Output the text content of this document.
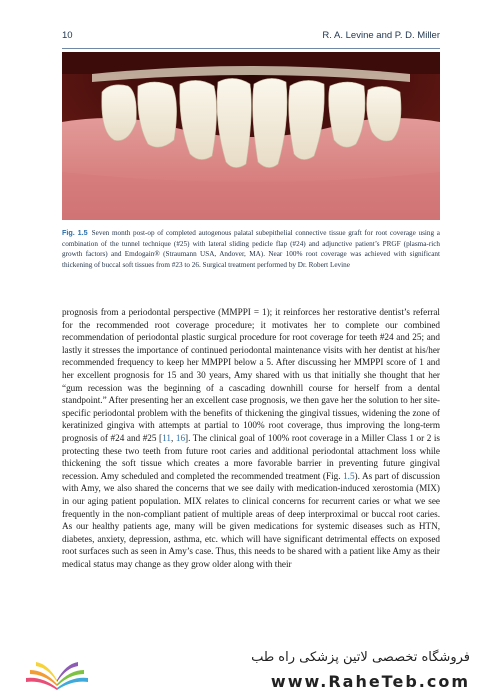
10	R. A. Levine and P. D. Miller
Fig. 1.5 Seven month post-op of completed autogenous palatal subepithelial connective tissue graft for root coverage using a combination of the tunnel technique (#25) with lateral sliding pedicle flap (#24) and adjunctive patient’s PRGF (plasma-rich growth factors) and Emdogain® (Straumann USA, Andover, MA). Near 100% root coverage was achieved with significant thickening of buccal soft tissues from #23 to 26. Surgical treatment performed by Dr. Robert Levine

prognosis from a periodontal perspective (MMPPI = 1); it reinforces her restorative dentist’s referral for the recommended root coverage procedure; it motivates her to complete our combined recommendation of periodontal plastic surgical procedure for root coverage for teeth #24 and 25; and lastly it stresses the importance of continued periodontal maintenance visits with her dentist at his/her recommended frequency to keep her MMPPI below a 5. After discussing her MMPPI score of 1 and her excellent prognosis for 15 and 30 years, Amy shared with us that initially she thought that her “gum recession was the beginning of a cascading downhill course for herself from a dental standpoint.” After presenting her an excellent case prognosis, we then gave her the solution to her site-specific periodontal problem with the benefits of thickening the gingival tissues, widening the zone of keratinized gingiva with attempts at partial to 100% root coverage, thus improving the long-term prognosis of #24 and #25 [11, 16]. The clinical goal of 100% root coverage in a Miller Class 1 or 2 is protecting these two teeth from future root caries and additional periodontal attachment loss while thickening the soft tissue which creates a more favorable barrier in preventing future gingival recession. Amy scheduled and completed the recommended treatment (Fig. 1.5). As part of discussion with Amy, we also shared the concerns that we see daily with medication-induced xerostomia (MIX) in our aging patient population. MIX relates to clinical concerns for recurrent caries or what we see frequently in the non-compliant patient of multiple areas of deep interproximal or buccal root caries. As our healthy patients age, many will be given medications for systemic diseases such as HTN, diabetes, anxiety, depression, asthma, etc. which will have significant detrimental effects on exposed root surfaces such as seen in Amy’s case. Thus, this needs to be shared with a patient like Amy as their medical status may change as they grow older along with their

فروشگاه تخصصی لاتین پزشکی راه طب
www.RaheTeb.com
